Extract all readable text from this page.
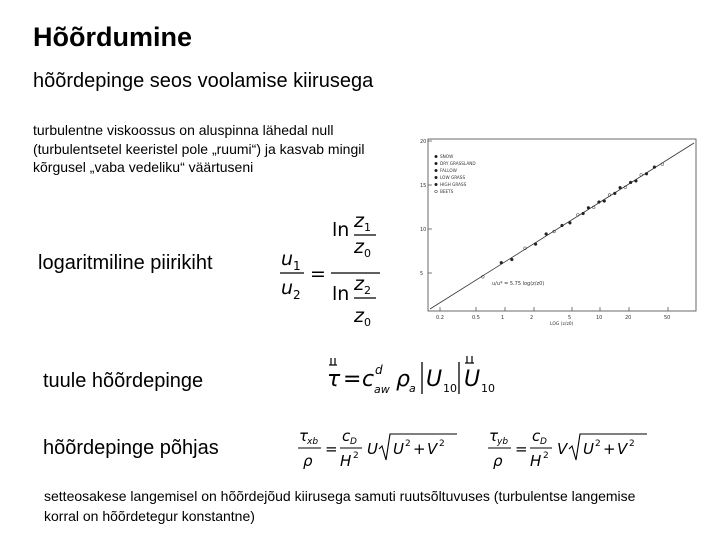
Hõõrdumine
hõõrdepinge seos voolamise kiirusega
turbulentne viskoossus on aluspinna lähedal null (turbulentsetel keeristel pole „ruumi“) ja kasvab mingil kõrgusel „vaba vedeliku“ väärtuseni
logaritmiline piirikiht
tuule hõõrdepinge
hõõrdepinge põhjas
setteosakese langemisel on hõõrdejõud kiirusega samuti ruutsõltuvuses (turbulentse langemise korral on hõõrdetegur konstantne)
u 1
u 2
=
ln z 1
z 0
ln z 2
z 0
τ = c d
aw ρ a U 10 U 10
τ
xb
ρ
=
c D
H 2 U U 2 + V 2	τ
yb
ρ
=
c D
H 2 V U 2 + V 2
20
15
10
5
0.2	0.5	1	2	5	10	20	50
SNOW
DRY GRASSLAND
FALLOW
LOW GRASS
HIGH GRASS
BEETS
u/u* = 5.75 log(z/z0)
LOG (z/z0)
